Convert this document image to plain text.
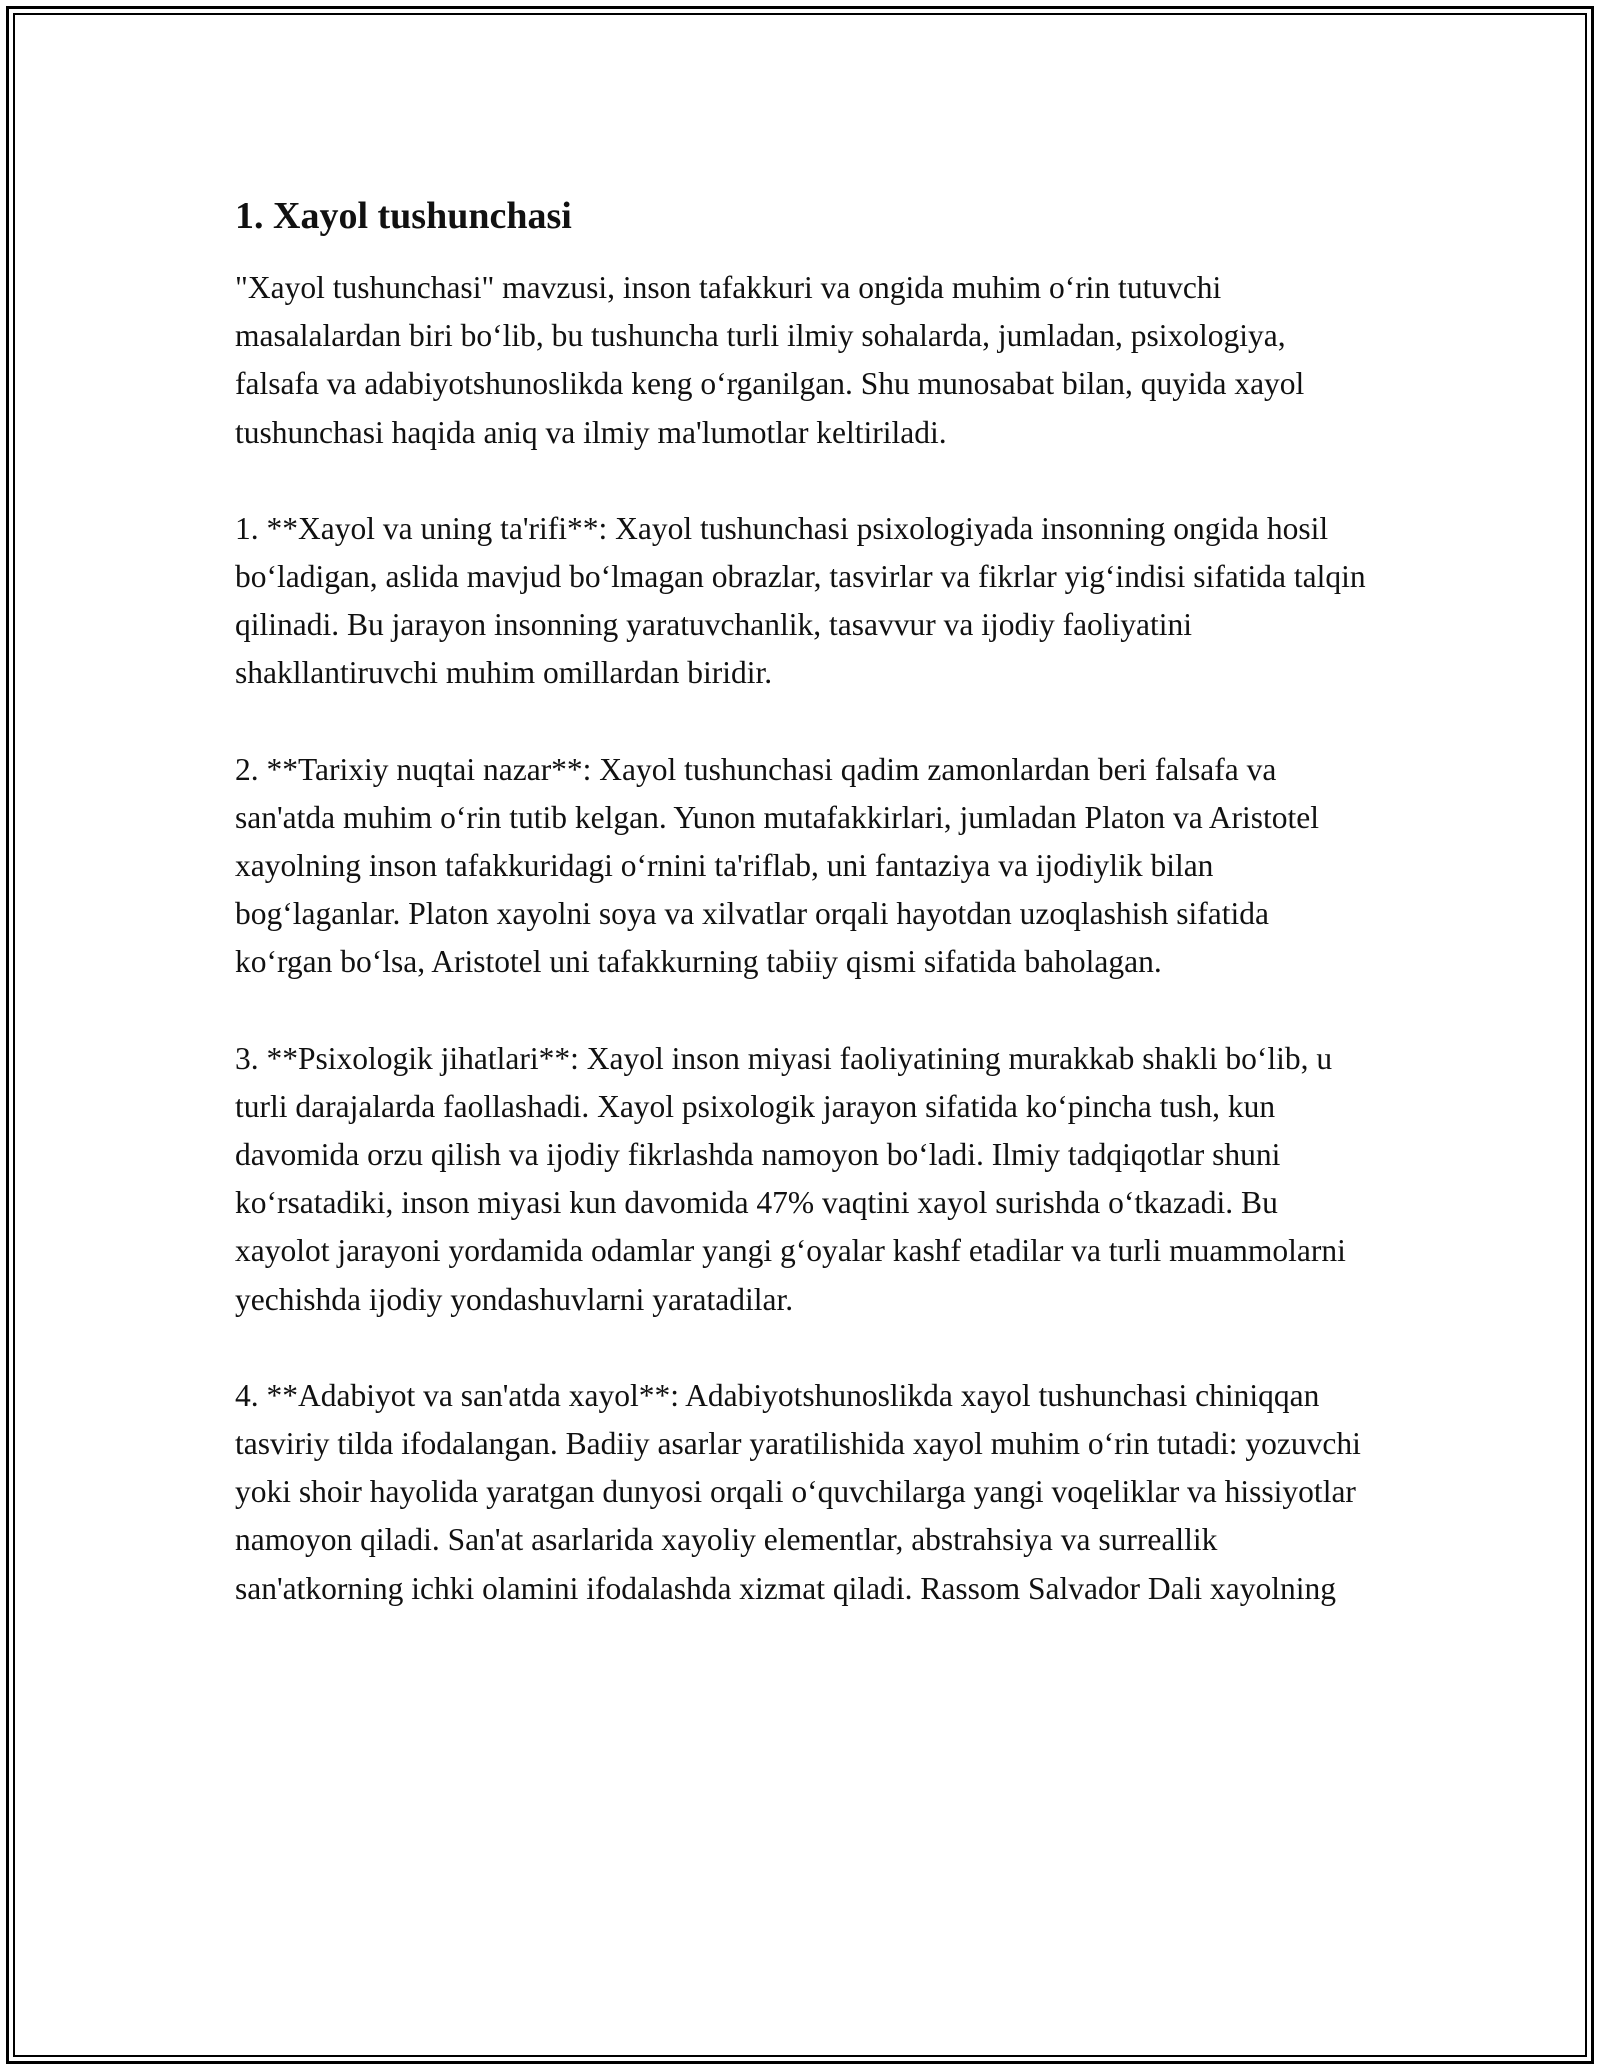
1. Xayol tushunchasi

"Xayol tushunchasi" mavzusi, inson tafakkuri va ongida muhim o‘rin tutuvchi masalalardan biri bo‘lib, bu tushuncha turli ilmiy sohalarda, jumladan, psixologiya, falsafa va adabiyotshunoslikda keng o‘rganilgan. Shu munosabat bilan, quyida xayol tushunchasi haqida aniq va ilmiy ma'lumotlar keltiriladi.

1. **Xayol va uning ta'rifi**: Xayol tushunchasi psixologiyada insonning ongida hosil bo‘ladigan, aslida mavjud bo‘lmagan obrazlar, tasvirlar va fikrlar yig‘indisi sifatida talqin qilinadi. Bu jarayon insonning yaratuvchanlik, tasavvur va ijodiy faoliyatini shakllantiruvchi muhim omillardan biridir.

2. **Tarixiy nuqtai nazar**: Xayol tushunchasi qadim zamonlardan beri falsafa va san'atda muhim o‘rin tutib kelgan. Yunon mutafakkirlari, jumladan Platon va Aristotel xayolning inson tafakkuridagi o‘rnini ta'riflab, uni fantaziya va ijodiylik bilan bog‘laganlar. Platon xayolni soya va xilvatlar orqali hayotdan uzoqlashish sifatida ko‘rgan bo‘lsa, Aristotel uni tafakkurning tabiiy qismi sifatida baholagan.

3. **Psixologik jihatlari**: Xayol inson miyasi faoliyatining murakkab shakli bo‘lib, u turli darajalarda faollashadi. Xayol psixologik jarayon sifatida ko‘pincha tush, kun davomida orzu qilish va ijodiy fikrlashda namoyon bo‘ladi. Ilmiy tadqiqotlar shuni ko‘rsatadiki, inson miyasi kun davomida 47% vaqtini xayol surishda o‘tkazadi. Bu xayolot jarayoni yordamida odamlar yangi g‘oyalar kashf etadilar va turli muammolarni yechishda ijodiy yondashuvlarni yaratadilar.

4. **Adabiyot va san'atda xayol**: Adabiyotshunoslikda xayol tushunchasi chiniqqan tasviriy tilda ifodalangan. Badiiy asarlar yaratilishida xayol muhim o‘rin tutadi: yozuvchi yoki shoir hayolida yaratgan dunyosi orqali o‘quvchilarga yangi voqeliklar va hissiyotlar namoyon qiladi. San'at asarlarida xayoliy elementlar, abstrahsiya va surreallik san'atkorning ichki olamini ifodalashda xizmat qiladi. Rassom Salvador Dali xayolning
